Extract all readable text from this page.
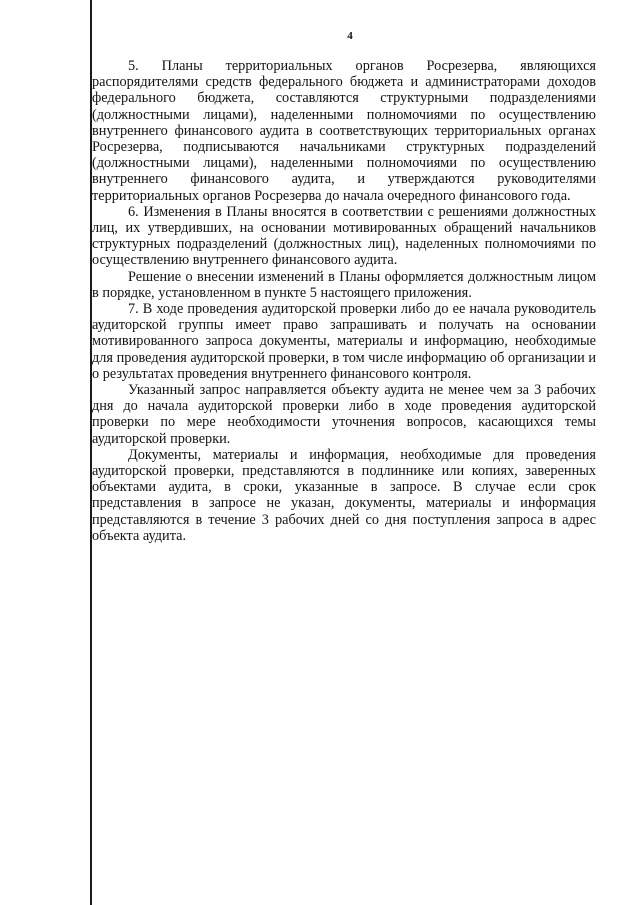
4

5. Планы территориальных органов Росрезерва, являющихся распорядителями средств федерального бюджета и администраторами доходов федерального бюджета, составляются структурными подразделениями (должностными лицами), наделенными полномочиями по осуществлению внутреннего финансового аудита в соответствующих территориальных органах Росрезерва, подписываются начальниками структурных подразделений (должностными лицами), наделенными полномочиями по осуществлению внутреннего финансового аудита, и утверждаются руководителями территориальных органов Росрезерва до начала очередного финансового года.

6. Изменения в Планы вносятся в соответствии с решениями должностных лиц, их утвердивших, на основании мотивированных обращений начальников структурных подразделений (должностных лиц), наделенных полномочиями по осуществлению внутреннего финансового аудита.

Решение о внесении изменений в Планы оформляется должностным лицом в порядке, установленном в пункте 5 настоящего приложения.

7. В ходе проведения аудиторской проверки либо до ее начала руководитель аудиторской группы имеет право запрашивать и получать на основании мотивированного запроса документы, материалы и информацию, необходимые для проведения аудиторской проверки, в том числе информацию об организации и о результатах проведения внутреннего финансового контроля.

Указанный запрос направляется объекту аудита не менее чем за 3 рабочих дня до начала аудиторской проверки либо в ходе проведения аудиторской проверки по мере необходимости уточнения вопросов, касающихся темы аудиторской проверки.

Документы, материалы и информация, необходимые для проведения аудиторской проверки, представляются в подлиннике или копиях, заверенных объектами аудита, в сроки, указанные в запросе. В случае если срок представления в запросе не указан, документы, материалы и информация представляются в течение 3 рабочих дней со дня поступления запроса в адрес объекта аудита.
